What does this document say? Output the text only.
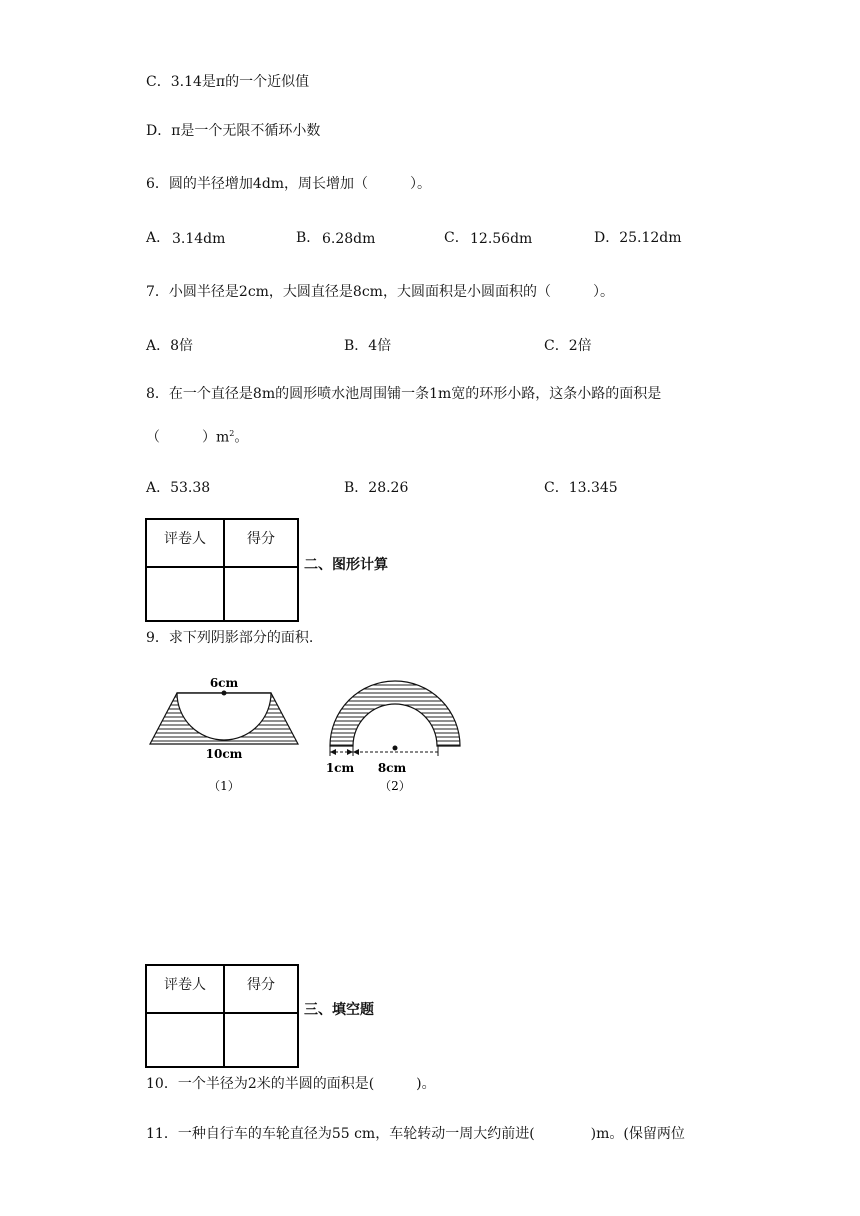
C．3.14是π的一个近似值
D．π是一个无限不循环小数
6．圆的半径增加4dm，周长增加（　　　）。
A． 3.14dm	B． 6.28dm	C． 12.56dm	D．25.12dm
7．小圆半径是2cm，大圆直径是8cm，大圆面积是小圆面积的（　　　）。
A．8倍	B．4倍	C．2倍
8．在一个直径是8m的圆形喷水池周围铺一条1m宽的环形小路，这条小路的面积是
（　　　）$m^2$。
A．53.38	B．28.26	C．13.345
评卷人	得分

二、图形计算
9．求下列阴影部分的面积.
6cm
10cm
（1）
1cm 8cm
（2）
评卷人	得分

三、填空题
10．一个半径为2米的半圆的面积是(　　　)。
11．一种自行车的车轮直径为55 cm，车轮转动一周大约前进(　　　　)m。(保留两位
